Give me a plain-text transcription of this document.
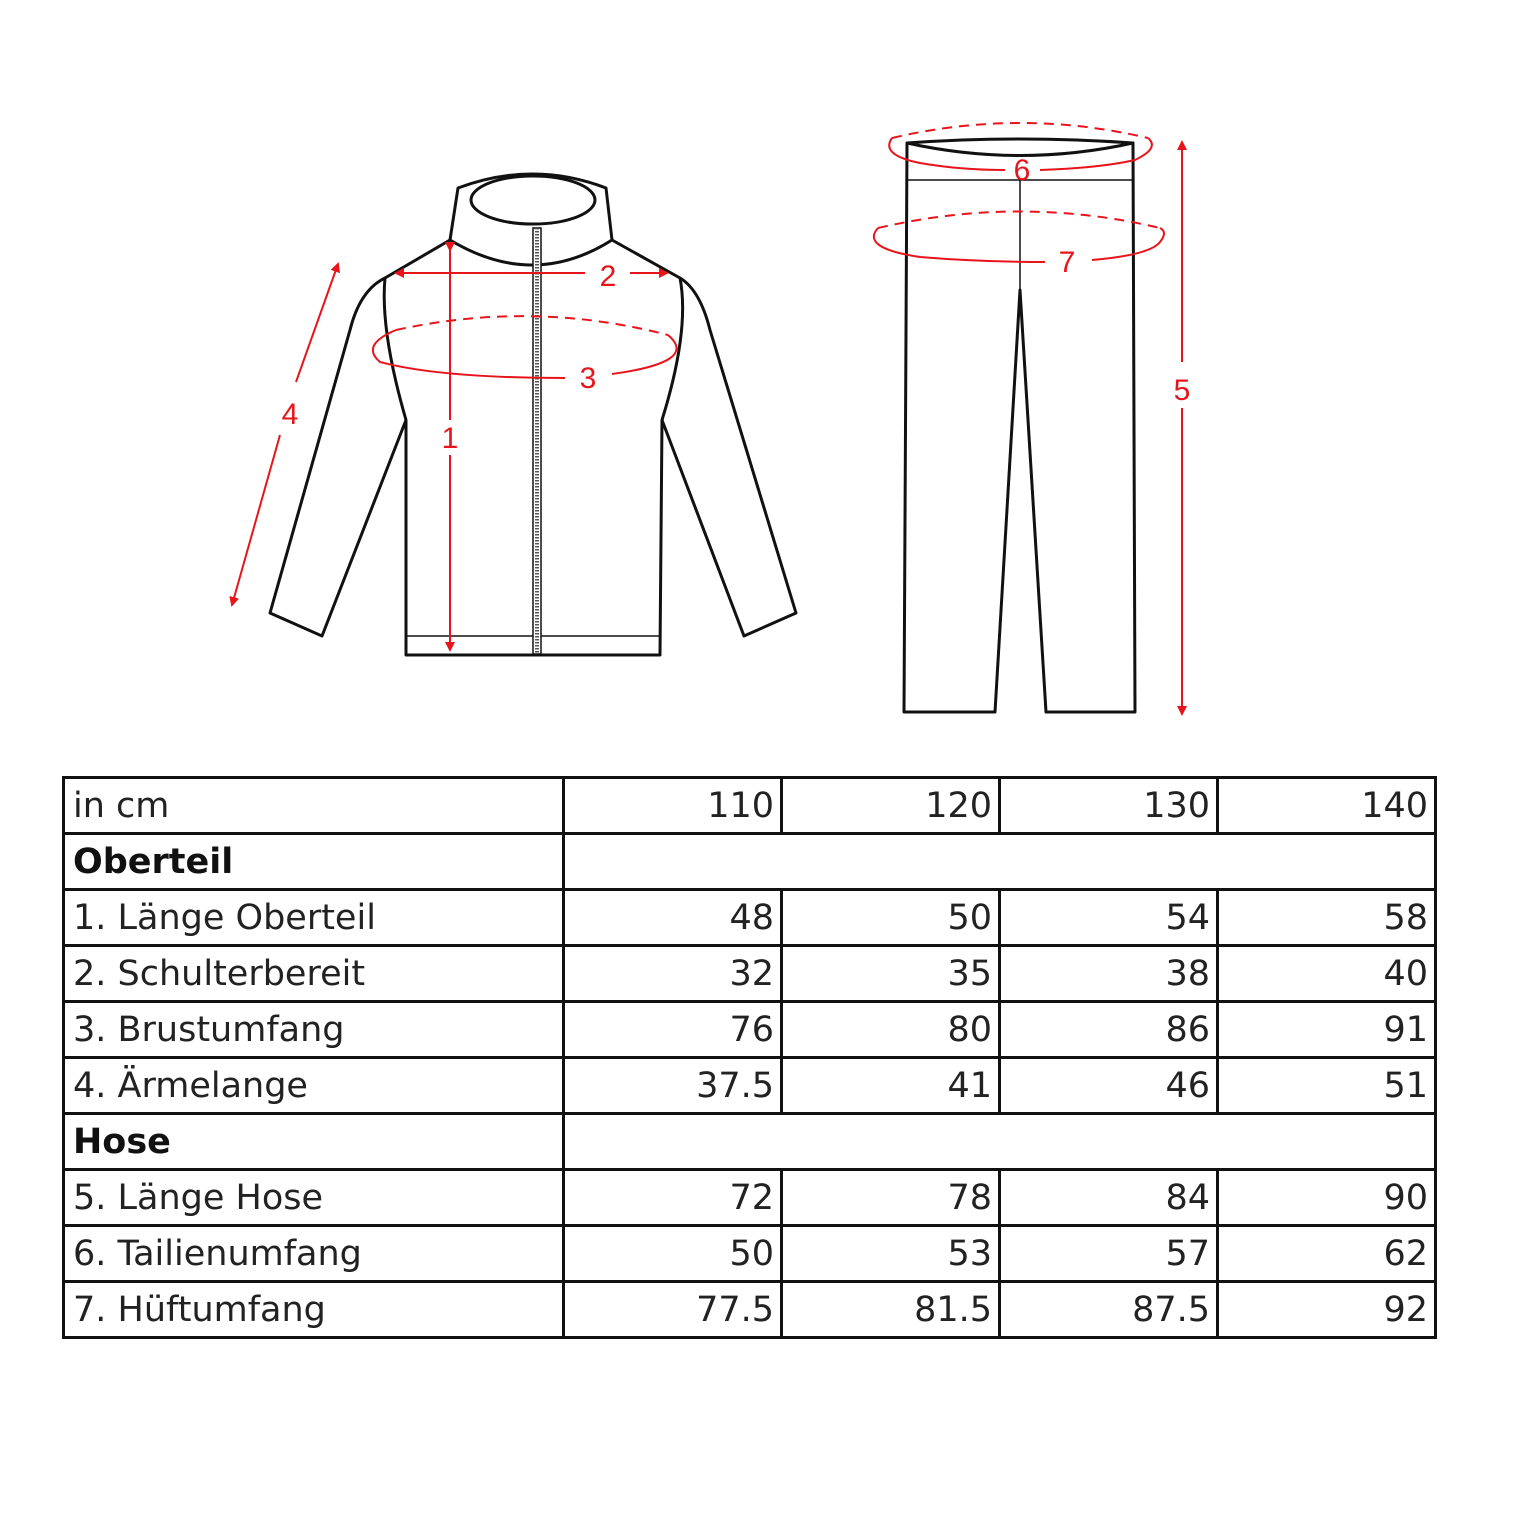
1
2
3
4
5
6
7
in cm	110	120	130	140
Oberteil				
1. Länge Oberteil	48	50	54	58
2. Schulterbereit	32	35	38	40
3. Brustumfang	76	80	86	91
4. Ärmelange	37.5	41	46	51
Hose				
5. Länge Hose	72	78	84	90
6. Tailienumfang	50	53	57	62
7. Hüftumfang	77.5	81.5	87.5	92
